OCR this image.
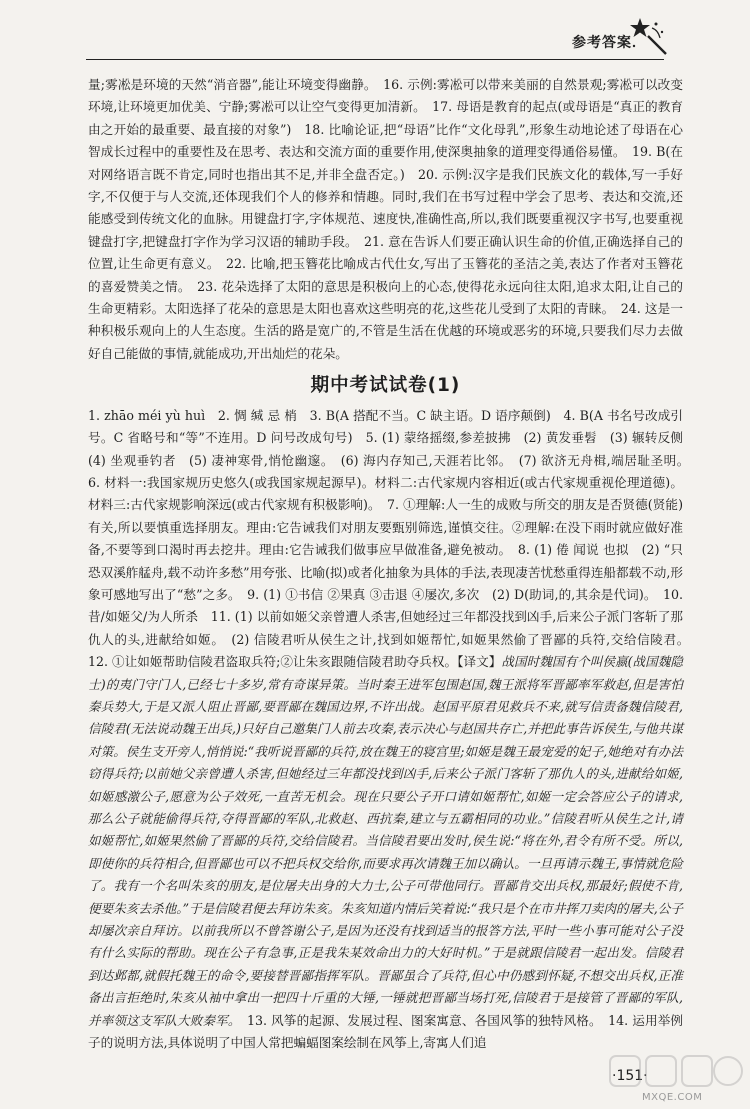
参考答案

量;雾凇是环境的天然“消音器”,能让环境变得幽静。　16. 示例:雾凇可以带来美丽的自然景观;雾凇可以改变环境,让环境更加优美、宁静;雾凇可以让空气变得更加清新。　17. 母语是教育的起点(或母语是“真正的教育由之开始的最重要、最直接的对象”)　18. 比喻论证,把“母语”比作“文化母乳”,形象生动地论述了母语在心智成长过程中的重要性及在思考、表达和交流方面的重要作用,使深奥抽象的道理变得通俗易懂。　19. B(在对网络语言既不肯定,同时也指出其不足,并非全盘否定。)　20. 示例:汉字是我们民族文化的载体,写一手好字,不仅便于与人交流,还体现我们个人的修养和情趣。同时,我们在书写过程中学会了思考、表达和交流,还能感受到传统文化的血脉。用键盘打字,字体规范、速度快,准确性高,所以,我们既要重视汉字书写,也要重视键盘打字,把键盘打字作为学习汉语的辅助手段。　21. 意在告诉人们要正确认识生命的价值,正确选择自己的位置,让生命更有意义。　22. 比喻,把玉簪花比喻成古代仕女,写出了玉簪花的圣洁之美,表达了作者对玉簪花的喜爱赞美之情。　23. 花朵选择了太阳的意思是积极向上的心态,使得花永远向往太阳,追求太阳,让自己的生命更精彩。太阳选择了花朵的意思是太阳也喜欢这些明亮的花,这些花儿受到了太阳的青睐。　24. 这是一种积极乐观向上的人生态度。生活的路是宽广的,不管是生活在优越的环境或恶劣的环境,只要我们尽力去做好自己能做的事情,就能成功,开出灿烂的花朵。

期中考试试卷(1)

1. zhāo méi yù huì　2. 惆 缄 忌 梢　3. B(A 搭配不当。C 缺主语。D 语序颠倒)　4. B(A 书名号改成引号。C 省略号和“等”不连用。D 问号改成句号)　5. (1) 蒙络摇缀,参差披拂　(2) 黄发垂髫　(3) 辗转反侧　(4) 坐观垂钓者　(5) 凄神寒骨,悄怆幽邃。　(6) 海内存知己,天涯若比邻。　(7) 欲济无舟楫,端居耻圣明。　6. 材料一:我国家规历史悠久(或我国家规起源早)。材料二:古代家规内容相近(或古代家规重视伦理道德)。材料三:古代家规影响深远(或古代家规有积极影响)。　7. ①理解:人一生的成败与所交的朋友是否贤德(贤能)有关,所以要慎重选择朋友。理由:它告诫我们对朋友要甄别筛选,谨慎交往。②理解:在没下雨时就应做好准备,不要等到口渴时再去挖井。理由:它告诫我们做事应早做准备,避免被动。　8. (1) 倦 闻说 也拟　(2) “只恐双溪舴艋舟,载不动许多愁”用夸张、比喻(拟)或者化抽象为具体的手法,表现凄苦忧愁重得连船都载不动,形象可感地写出了“愁”之多。　9. (1) ①书信 ②果真 ③击退 ④屡次,多次　(2) D(助词,的,其余是代词)。　10. 昔/如姬父/为人所杀　11. (1) 以前如姬父亲曾遭人杀害,但她经过三年都没找到凶手,后来公子派门客斩了那仇人的头,进献给如姬。　(2) 信陵君听从侯生之计,找到如姬帮忙,如姬果然偷了晋鄙的兵符,交给信陵君。　12. ①让如姬帮助信陵君盗取兵符;②让朱亥跟随信陵君助夺兵权。【译文】战国时魏国有个叫侯嬴(战国魏隐士)的夷门守门人,已经七十多岁,常有奇谋异策。当时秦王进军包围赵国,魏王派将军晋鄙率军救赵,但是害怕秦兵势大,于是又派人阻止晋鄙,要晋鄙在魏国边界,不许出战。赵国平原君见救兵不来,就写信责备魏信陵君,信陵君(无法说动魏王出兵,)只好自己邀集门人前去攻秦,表示决心与赵国共存亡,并把此事告诉侯生,与他共谋对策。侯生支开旁人,悄悄说:“我听说晋鄙的兵符,放在魏王的寝宫里;如姬是魏王最宠爱的妃子,她绝对有办法窃得兵符;以前她父亲曾遭人杀害,但她经过三年都没找到凶手,后来公子派门客斩了那仇人的头,进献给如姬,如姬感激公子,愿意为公子效死,一直苦无机会。现在只要公子开口请如姬帮忙,如姬一定会答应公子的请求,那么公子就能偷得兵符,夺得晋鄙的军队,北救赵、西抗秦,建立与五霸相同的功业。”信陵君听从侯生之计,请如姬帮忙,如姬果然偷了晋鄙的兵符,交给信陵君。当信陵君要出发时,侯生说:“将在外,君令有所不受。所以,即使你的兵符相合,但晋鄙也可以不把兵权交给你,而要求再次请魏王加以确认。一旦再请示魏王,事情就危险了。我有一个名叫朱亥的朋友,是位屠夫出身的大力士,公子可带他同行。晋鄙肯交出兵权,那最好;假使不肯,便要朱亥去杀他。”于是信陵君便去拜访朱亥。朱亥知道内情后笑着说:“我只是个在市井挥刀卖肉的屠夫,公子却屡次亲自拜访。以前我所以不曾答谢公子,是因为还没有找到适当的报答方法,平时一些小事可能对公子没有什么实际的帮助。现在公子有急事,正是我朱某效命出力的大好时机。”于是就跟信陵君一起出发。信陵君到达邺都,就假托魏王的命令,要接替晋鄙指挥军队。晋鄙虽合了兵符,但心中仍感到怀疑,不想交出兵权,正准备出言拒绝时,朱亥从袖中拿出一把四十斤重的大锤,一锤就把晋鄙当场打死,信陵君于是接管了晋鄙的军队,并率领这支军队大败秦军。　13. 风筝的起源、发展过程、图案寓意、各国风筝的独特风格。　14. 运用举例子的说明方法,具体说明了中国人常把蝙蝠图案绘制在风筝上,寄寓人们追

·151·
MXQE.COM
